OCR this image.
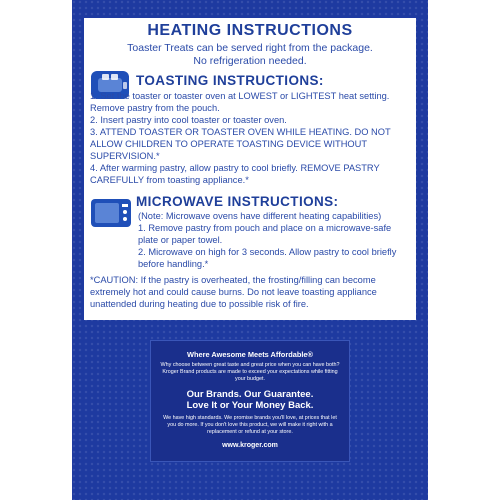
HEATING INSTRUCTIONS
Toaster Treats can be served right from the package.
No refrigeration needed.
TOASTING INSTRUCTIONS:

1. Set the toaster or toaster oven at LOWEST or LIGHTEST heat setting. Remove pastry from the pouch.

2. Insert pastry into cool toaster or toaster oven.

3. ATTEND TOASTER OR TOASTER OVEN WHILE HEATING. DO NOT ALLOW CHILDREN TO OPERATE TOASTING DEVICE WITHOUT SUPERVISION.*

4. After warming pastry, allow pastry to cool briefly. REMOVE PASTRY CAREFULLY from toasting appliance.*

MICROWAVE INSTRUCTIONS:

(Note: Microwave ovens have different heating capabilities)

1. Remove pastry from pouch and place on a microwave-safe plate or paper towel.

2. Microwave on high for 3 seconds. Allow pastry to cool briefly before handling.*

*CAUTION: If the pastry is overheated, the frosting/filling can become extremely hot and could cause burns. Do not leave toasting appliance unattended during heating due to possible risk of fire.
Where Awesome Meets Affordable®
Why choose between great taste and great price when you can have both? Kroger Brand products are made to exceed your expectations while fitting your budget.
Our Brands. Our Guarantee.
Love It or Your Money Back.
We have high standards. We promise brands you'll love, at prices that let you do more. If you don't love this product, we will make it right with a replacement or refund at your store.
www.kroger.com
